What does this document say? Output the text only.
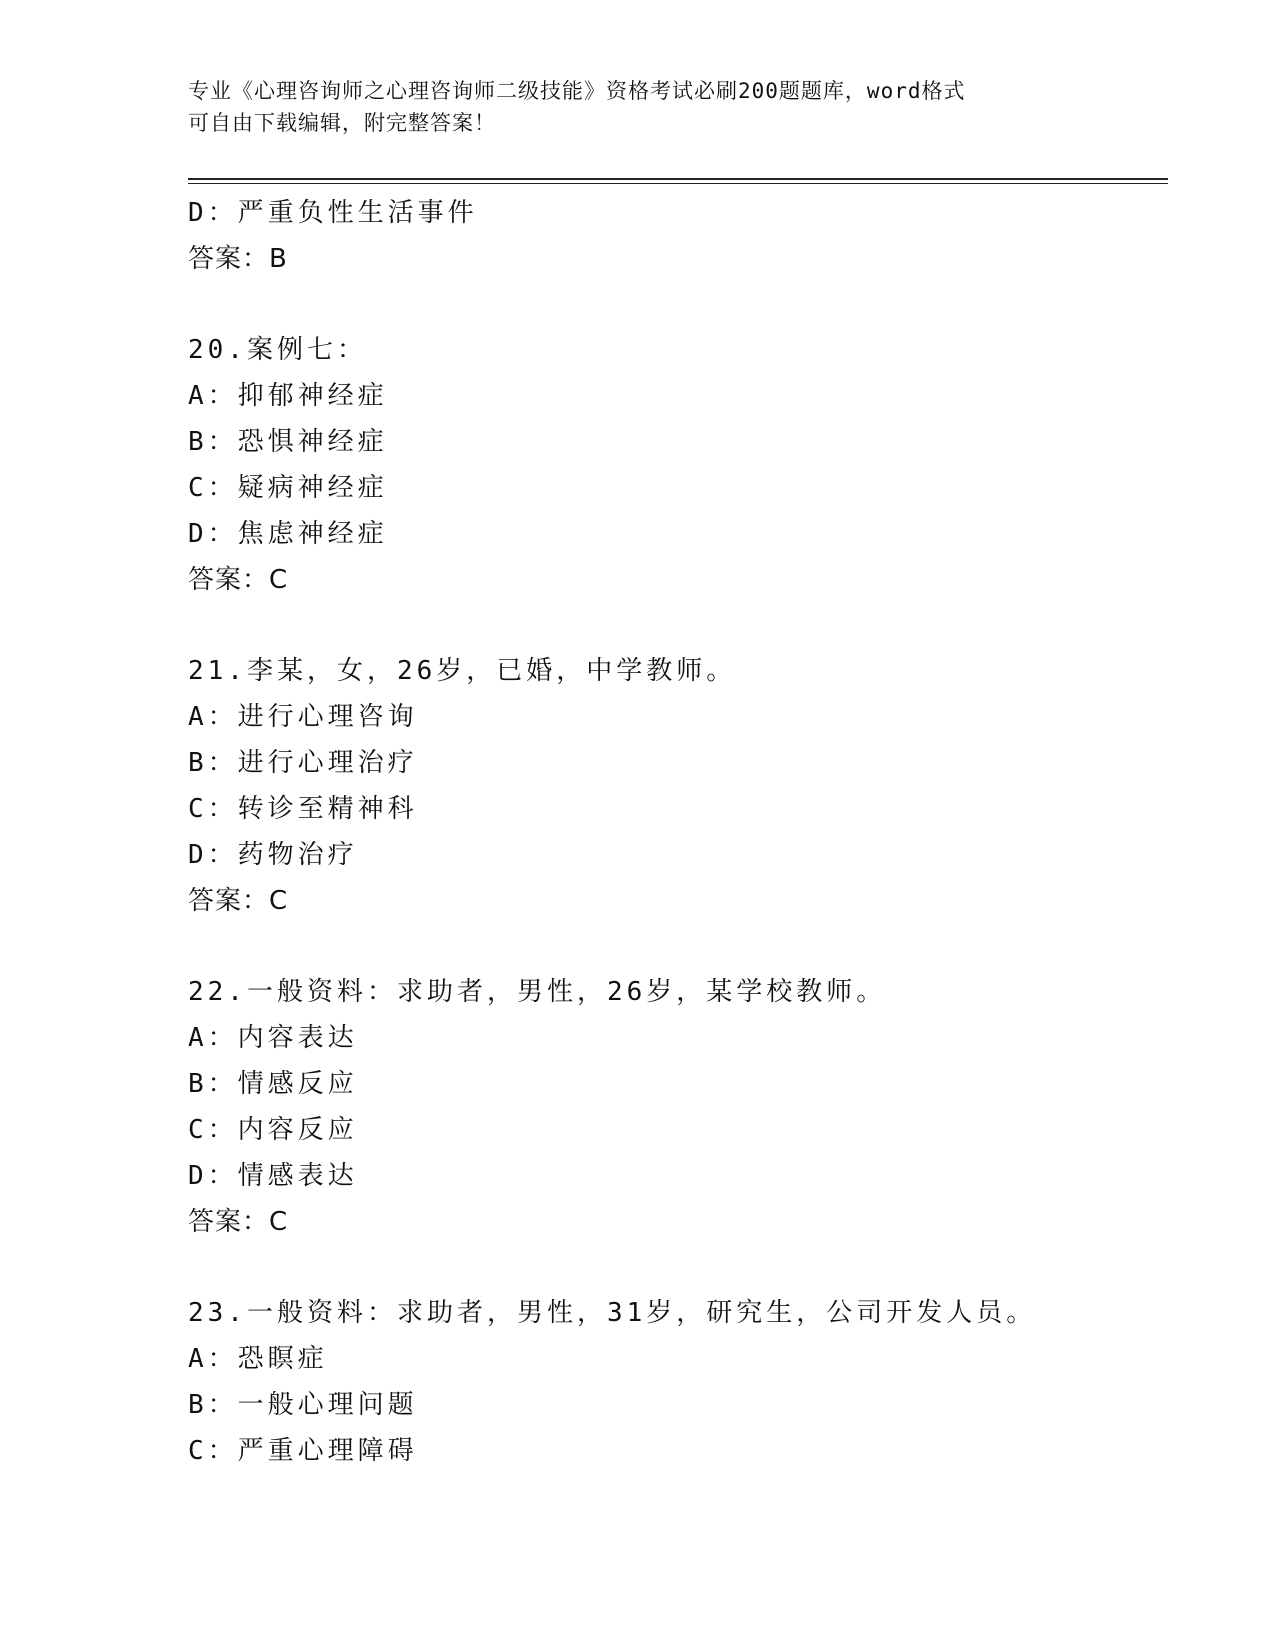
专业《心理咨询师之心理咨询师二级技能》资格考试必刷200题题库，word格式
可自由下载编辑，附完整答案！
D：严重负性生活事件
答案：B
20.案例七：
A：抑郁神经症
B：恐惧神经症
C：疑病神经症
D：焦虑神经症
答案：C
21.李某，女，26岁，已婚，中学教师。
A：进行心理咨询
B：进行心理治疗
C：转诊至精神科
D：药物治疗
答案：C
22.一般资料：求助者，男性，26岁，某学校教师。
A：内容表达
B：情感反应
C：内容反应
D：情感表达
答案：C
23.一般资料：求助者，男性，31岁，研究生，公司开发人员。
A：恐瞑症
B：一般心理问题
C：严重心理障碍
